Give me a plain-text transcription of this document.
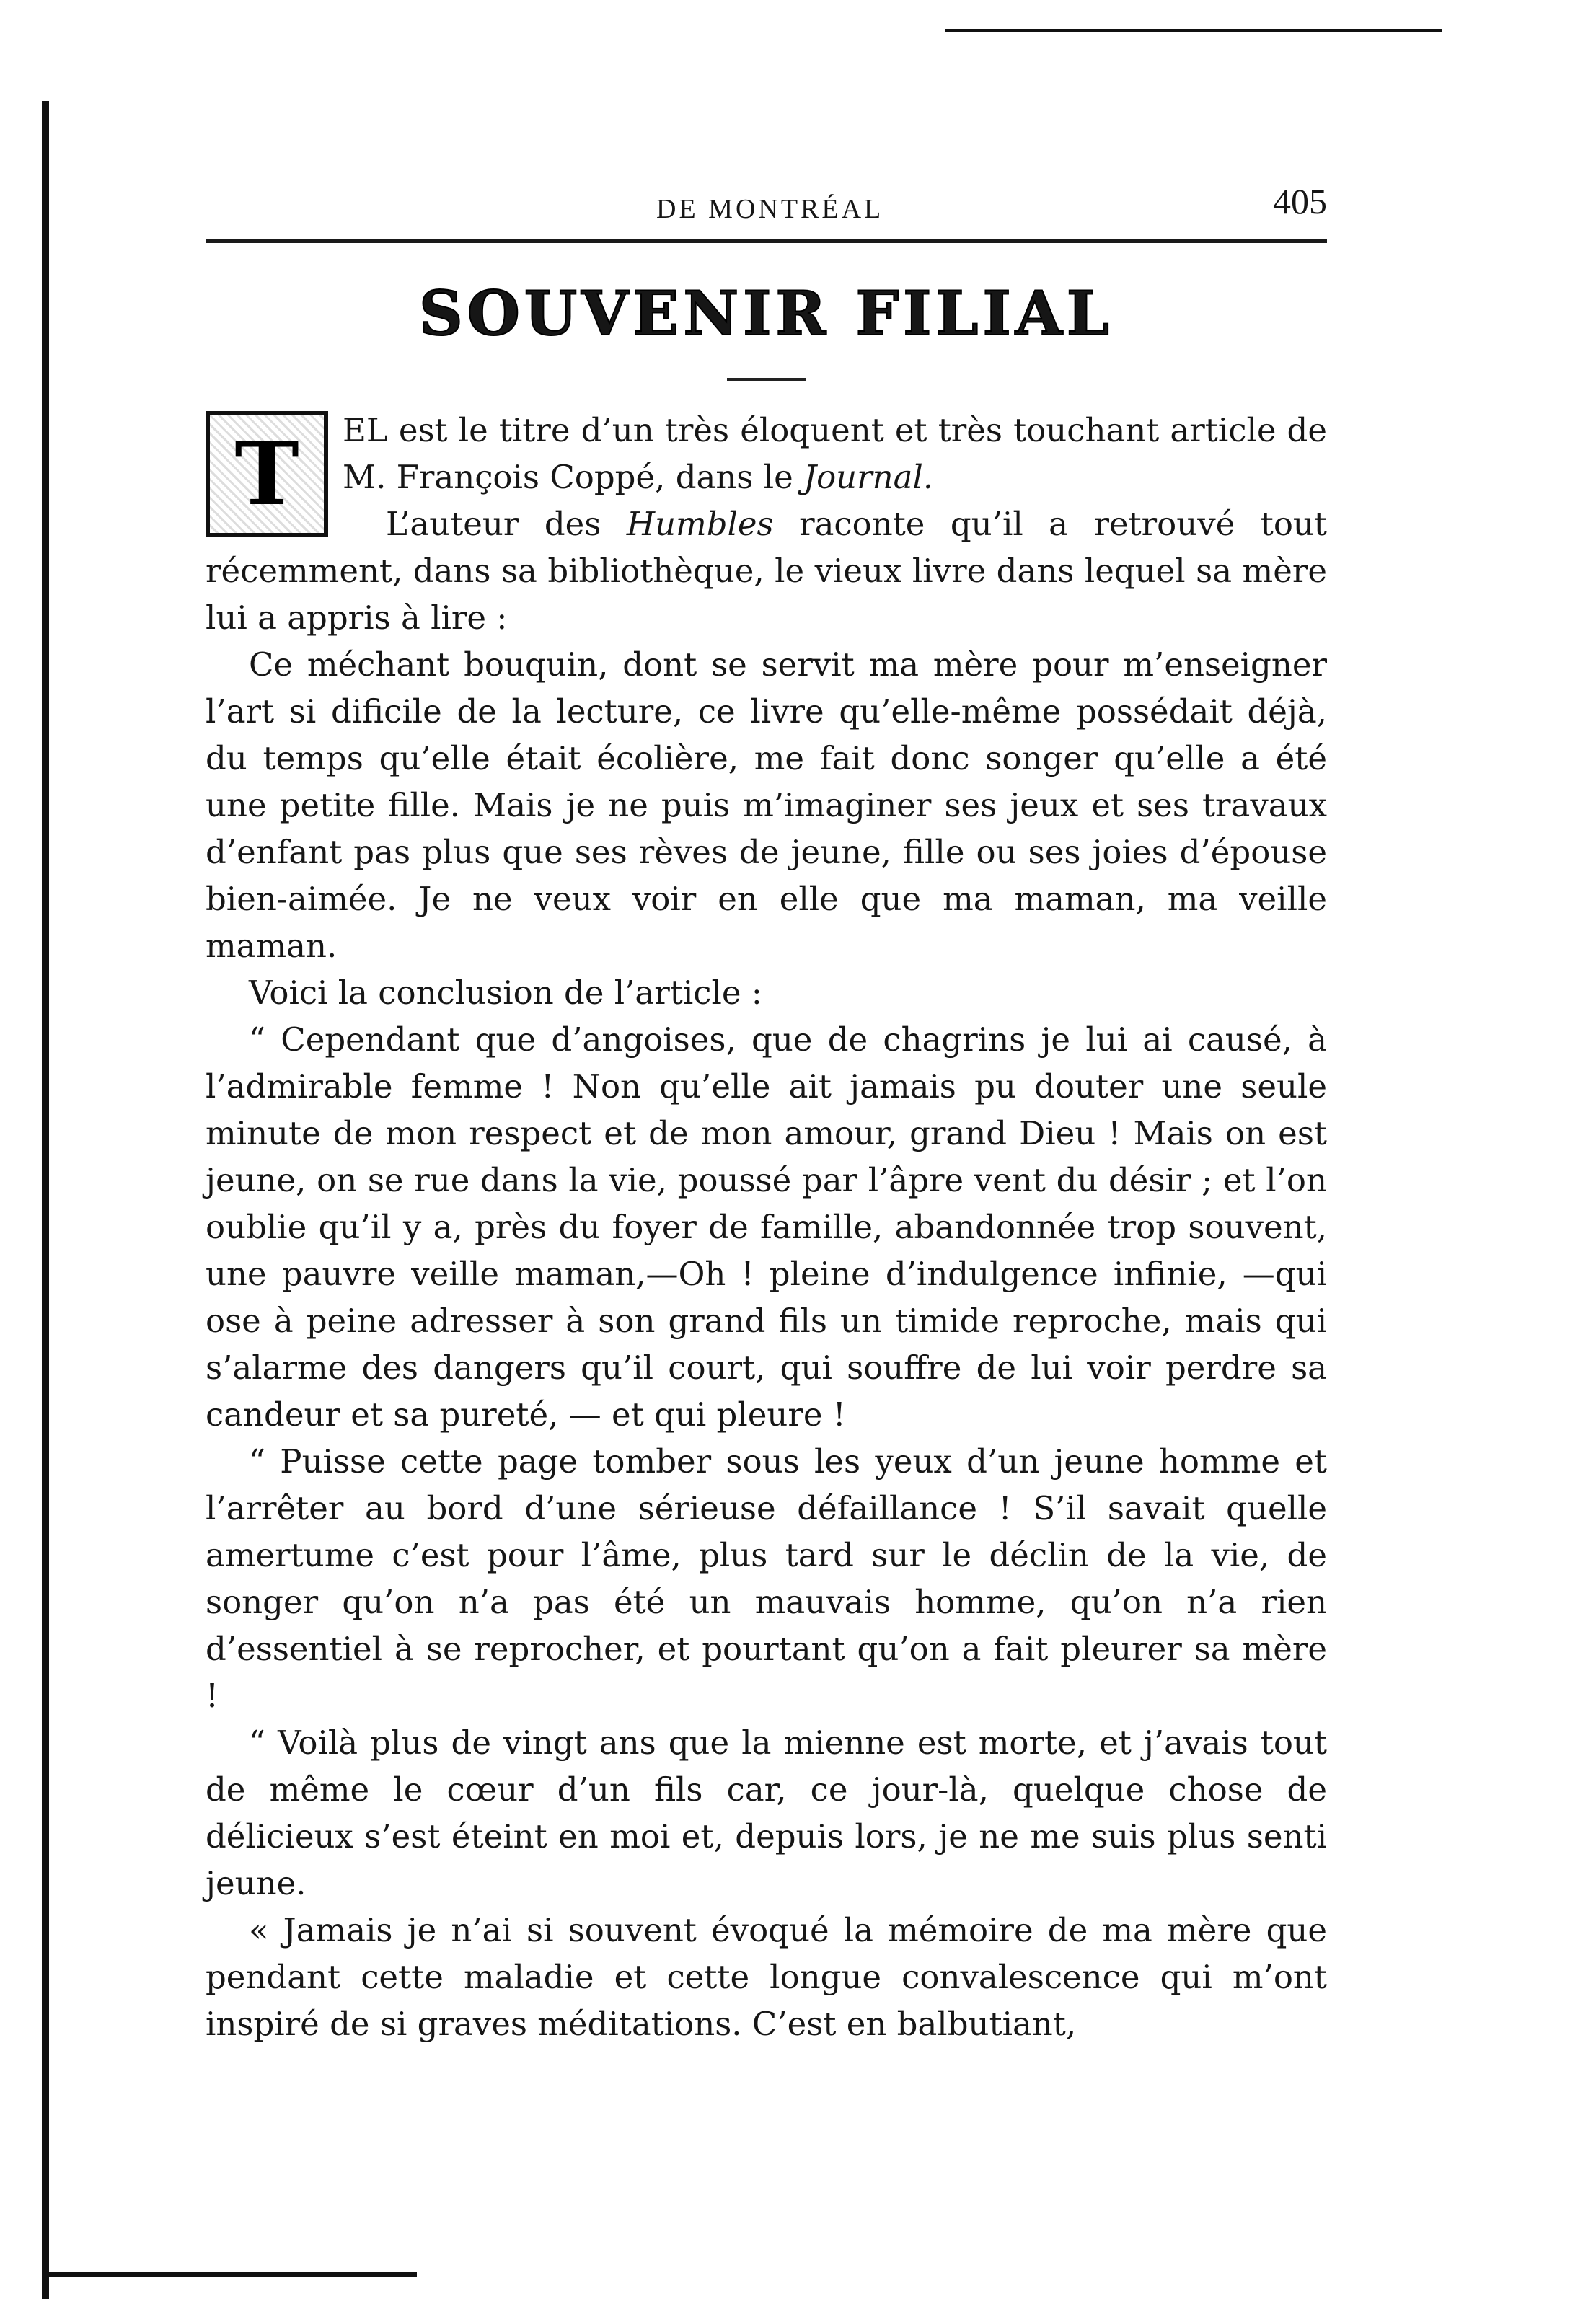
DE MONTRÉAL	405
SOUVENIR FILIAL

T	EL est le titre d’un très éloquent et très touchant article de M. François Coppé, dans le Journal.

L’auteur des Humbles raconte qu’il a retrouvé tout récemment, dans sa bibliothèque, le vieux livre dans lequel sa mère lui a appris à lire :

Ce méchant bouquin, dont se servit ma mère pour m’enseigner l’art si dificile de la lecture, ce livre qu’elle-même possédait déjà, du temps qu’elle était écolière, me fait donc songer qu’elle a été une petite fille. Mais je ne puis m’imaginer ses jeux et ses travaux d’enfant pas plus que ses rèves de jeune, fille ou ses joies d’épouse bien-aimée. Je ne veux voir en elle que ma maman, ma veille maman.

Voici la conclusion de l’article :

“ Cependant que d’angoises, que de chagrins je lui ai causé, à l’admirable femme ! Non qu’elle ait jamais pu douter une seule minute de mon respect et de mon amour, grand Dieu ! Mais on est jeune, on se rue dans la vie, poussé par l’âpre vent du désir ; et l’on oublie qu’il y a, près du foyer de famille, abandonnée trop souvent, une pauvre veille maman,—Oh ! pleine d’indulgence infinie, —qui ose à peine adresser à son grand fils un timide reproche, mais qui s’alarme des dangers qu’il court, qui souffre de lui voir perdre sa candeur et sa pureté, — et qui pleure !

“ Puisse cette page tomber sous les yeux d’un jeune homme et l’arrêter au bord d’une sérieuse défaillance ! S’il savait quelle amertume c’est pour l’âme, plus tard sur le déclin de la vie, de songer qu’on n’a pas été un mauvais homme, qu’on n’a rien d’essentiel à se reprocher, et pourtant qu’on a fait pleurer sa mère !

“ Voilà plus de vingt ans que la mienne est morte, et j’avais tout de même le cœur d’un fils car, ce jour-là, quelque chose de délicieux s’est éteint en moi et, depuis lors, je ne me suis plus senti jeune.

« Jamais je n’ai si souvent évoqué la mémoire de ma mère que pendant cette maladie et cette longue convalescence qui m’ont inspiré de si graves méditations. C’est en balbutiant,
